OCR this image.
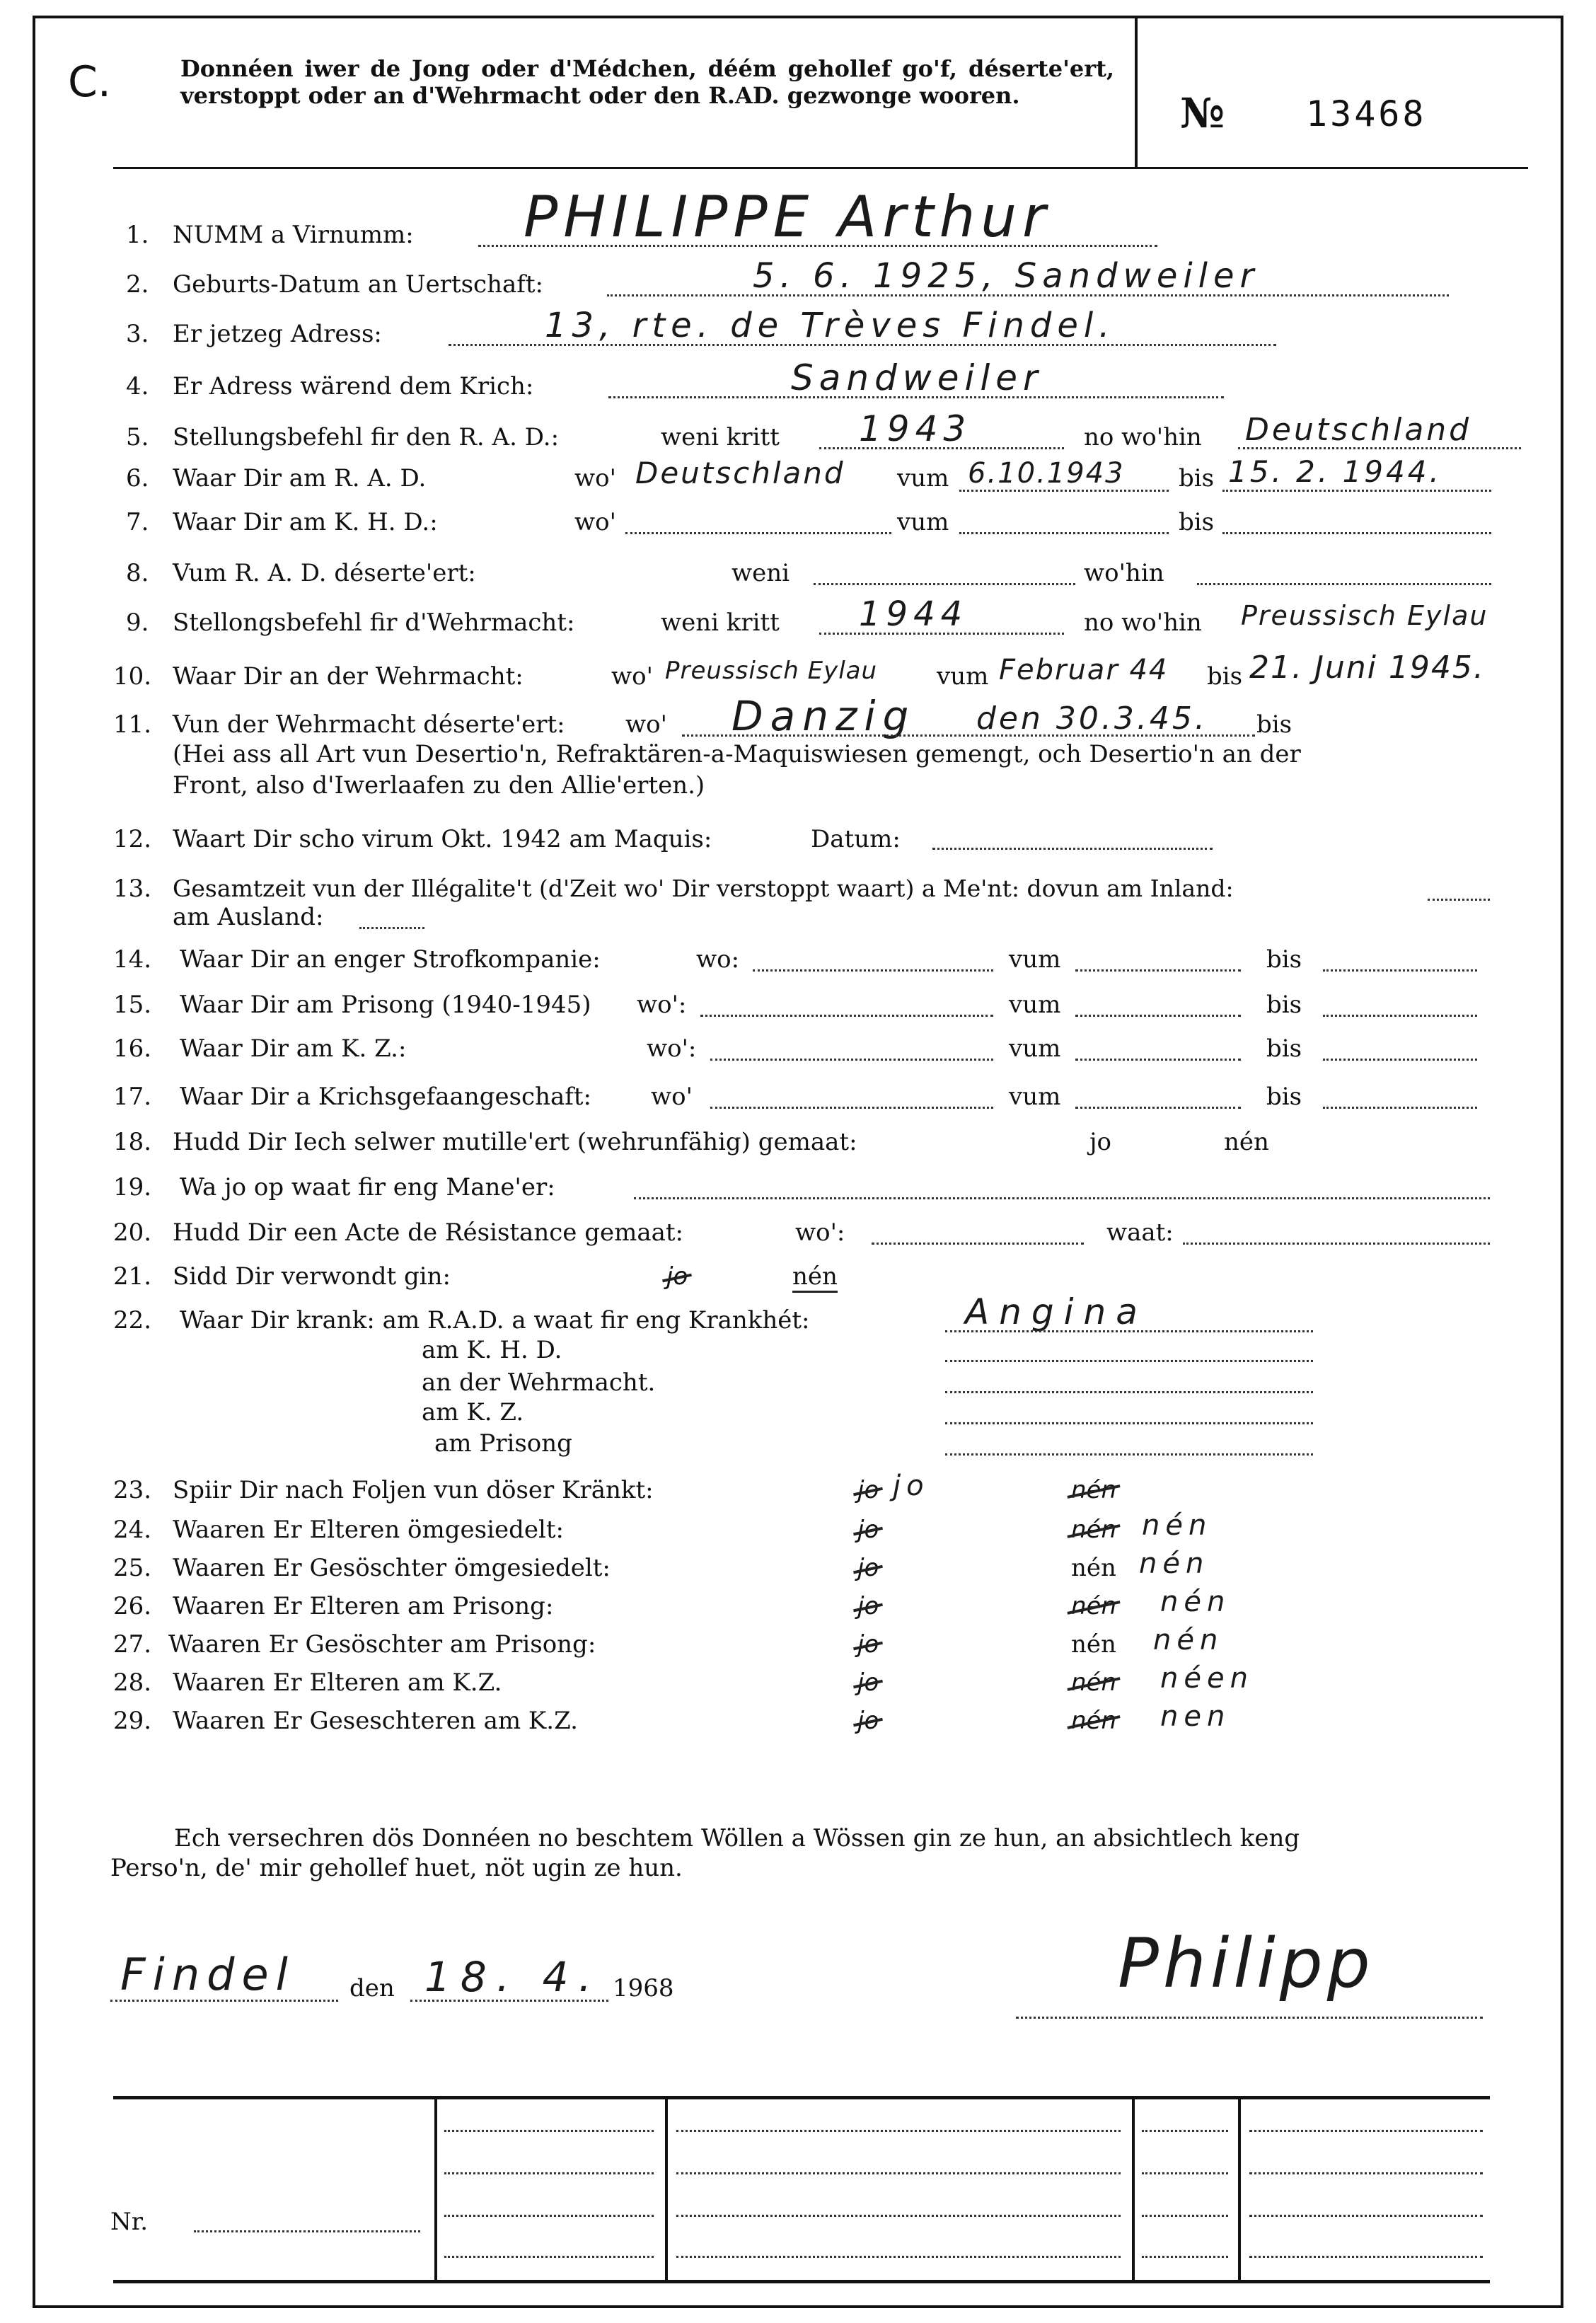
C.	Donnéen iwer de Jong oder d'Médchen, déém gehollef go'f, déserte'ert, verstoppt oder an d'Wehrmacht oder den R.AD. gezwonge wooren.	№ 13468
1. NUMM a Virnumm: PHILIPPE Arthur
2. Geburts-Datum an Uertschaft:	5. 6. 1925, Sandweiler
3. Er jetzeg Adress:	13, rte. de Trèves Findel.
4. Er Adress wärend dem Krich:	Sandweiler
5. Stellungsbefehl fir den R. A. D.:	weni kritt 1943	no wo'hin Deutschland
6. Waar Dir am R. A. D.	wo' Deutschland vum 6.10.1943 bis 15. 2. 1944.
7. Waar Dir am K. H. D.:	wo'	vum	bis
8. Vum R. A. D. déserte'ert:	weni	wo'hin
9. Stellongsbefehl fir d'Wehrmacht:	weni kritt 1944	no wo'hin Preussisch Eylau
10. Waar Dir an der Wehrmacht:	wo' Preussisch Eylau vum Februar 44 bis 21. Juni 1945.
11. Vun der Wehrmacht déserte'ert:	wo' Danzig den 30.3.45. bis
(Hei ass all Art vun Desertio'n, Refraktären-a-Maquiswiesen gemengt, och Desertio'n an der
Front, also d'Iwerlaafen zu den Allie'erten.)
12. Waart Dir scho virum Okt. 1942 am Maquis:	Datum:
13. Gesamtzeit vun der Illégalite't (d'Zeit wo' Dir verstoppt waart) a Me'nt: dovun am Inland:
am Ausland:
14. Waar Dir an enger Strofkompanie:	wo:	vum	bis
15. Waar Dir am Prisong (1940-1945) wo':	vum	bis
16. Waar Dir am K. Z.:	wo':	vum	bis
17. Waar Dir a Krichsgefaangeschaft: wo'	vum	bis
18. Hudd Dir Iech selwer mutille'ert (wehrunfähig) gemaat:	jo	nén
19. Wa jo op waat fir eng Mane'er:
20. Hudd Dir een Acte de Résistance gemaat:	wo':	waat:
21. Sidd Dir verwondt gin:	jo	nén
22. Waar Dir krank: am R.A.D. a waat fir eng Krankhét:	Angina
am K. H. D.
an der Wehrmacht.
am K. Z.
am Prisong
23. Spiir Dir nach Foljen vun döser Kränkt:	jo jo	nén
24. Waaren Er Elteren ömgesiedelt:	jo	nén nén
25. Waaren Er Gesöschter ömgesiedelt:	jo	nén nén
26. Waaren Er Elteren am Prisong:	jo	nén nén
27. Waaren Er Gesöschter am Prisong:	jo	nén nén
28. Waaren Er Elteren am K.Z.	jo	nén néen
29. Waaren Er Geseschteren am K.Z.	jo	nén nen
Ech versechren dös Donnéen no beschtem Wöllen a Wössen gin ze hun, an absichtlech keng
Perso'n, de' mir gehollef huet, nöt ugin ze hun.
Findel den 18. 4. 1968	Philipp
Nr.
